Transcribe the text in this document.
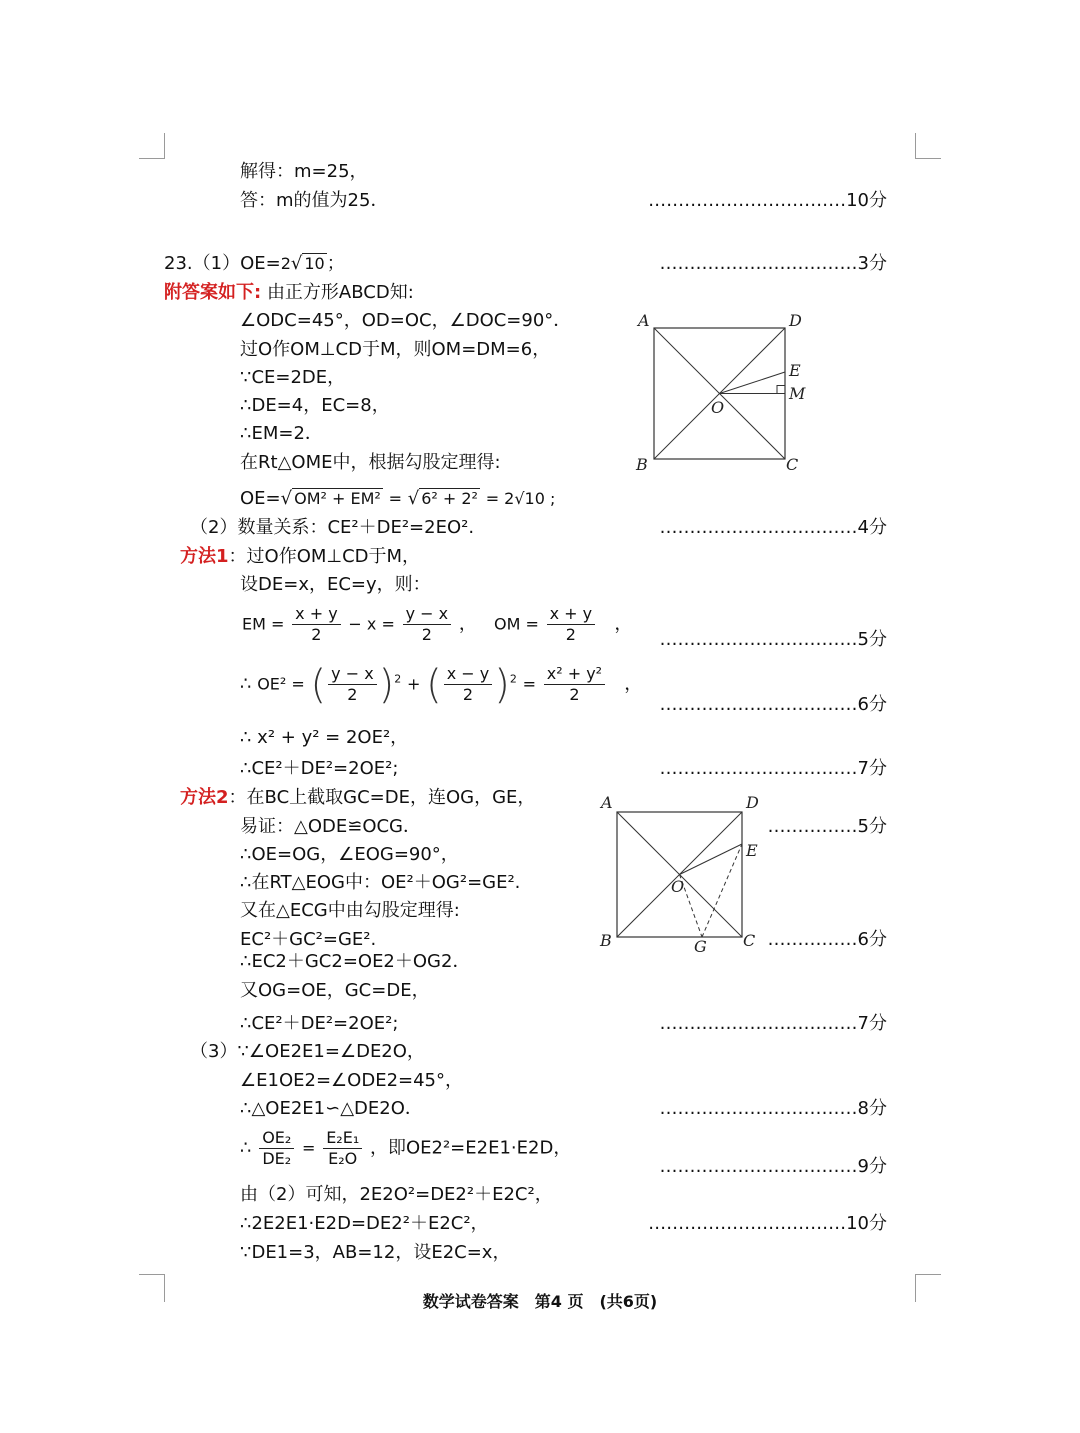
解得：m=25，
答：m的值为25．	……………………………10分
23.（1）OE=2√ 10 ；	……………………………3分
附答案如下: 由正方形ABCD知:
∠ODC=45°，OD=OC，∠DOC=90°．
过O作OM⊥CD于M，则OM=DM=6，
∵CE=2DE，
∴DE=4，EC=8，
∴EM=2．
在Rt△OME中，根据勾股定理得:
OE=√ OM² + EM² = √ 6² + 2² = 2√10 ;
（2）数量关系：CE²＋DE²=2EO².	……………………………4分
方法1：过O作OM⊥CD于M，
设DE=x，EC=y，则：
EM = $\frac{x + y}{2} - x = \frac{y - x}{2}$ ， OM = $\frac{x + y}{2}$ ，
……………………………5分
∴ OE² = ( $\frac{y - x}{2} )^2$ + ( $\frac{x - y}{2} )^2 = \frac{\text{x² + y²}}{2}$ ，
……………………………6分
∴ x² + y² = 2OE²，
∴CE²＋DE²=2OE²;	……………………………7分
方法2：在BC上截取GC=DE，连OG，GE，
易证：△ODE≌OCG．	……………5分
∴OE=OG，∠EOG=90°，
∴在RT△EOG中：OE²＋OG²=GE².
又在△ECG中由勾股定理得:
EC²＋GC²=GE².	……………6分
∴EC2＋GC2=OE2＋OG2．
又OG=OE，GC=DE，
∴CE²＋DE²=2OE²;	……………………………7分
（3）∵∠OE2E1=∠DE2O，
∠E1OE2=∠ODE2=45°，
∴△OE2E1∽△DE2O．	……………………………8分
∴ $\frac{\text{OE₂}}{\text{DE₂}} = \frac{\text{E₂E₁}}{\text{E₂O}}$ ，即OE2²=E2E1·E2D，
……………………………9分
由（2）可知，2E2O²=DE2²＋E2C²，
∴2E2E1·E2D=DE2²＋E2C²，	……………………………10分
∵DE1=3，AB=12，设E2C=x，
A	D
E
M
O
B	C
A	D
E
O
B	G C
数学试卷答案　第4 页　(共6页)
